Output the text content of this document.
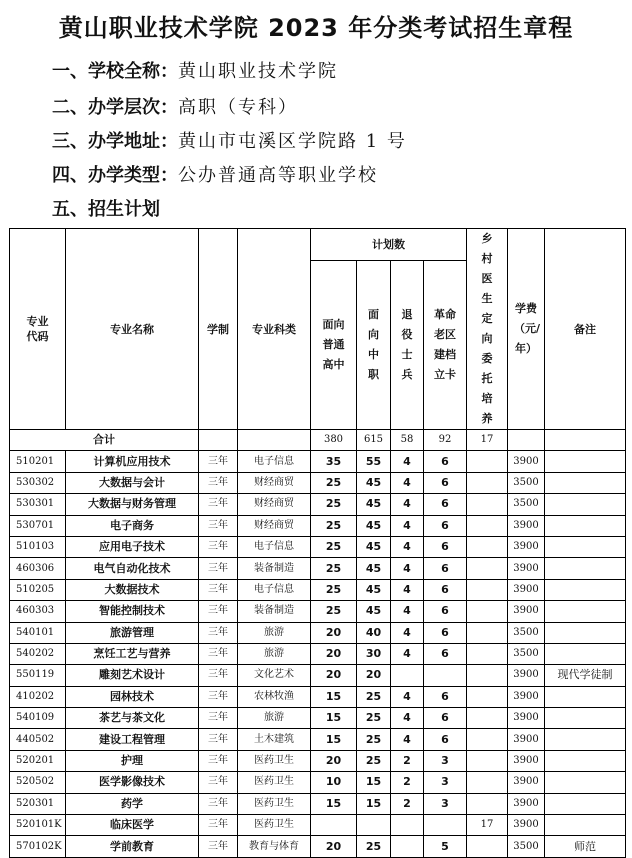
黄山职业技术学院 2023 年分类考试招生章程
一、学校全称：黄山职业技术学院
二、办学层次：高职（专科）
三、办学地址：黄山市屯溪区学院路 1 号
四、办学类型：公办普通高等职业学校
五、招生计划
专业代码	专业名称	学制	专业科类	计划数				乡村医生定向委托培养	学费（元/年）	备注
				面向普通高中	面向中职	退役士兵	革命老区建档立卡			
合计				380	615	58	92	17		
510201	计算机应用技术	三年	电子信息	35	55	4	6		3900	
530302	大数据与会计	三年	财经商贸	25	45	4	6		3500	
530301	大数据与财务管理	三年	财经商贸	25	45	4	6		3500	
530701	电子商务	三年	财经商贸	25	45	4	6		3900	
510103	应用电子技术	三年	电子信息	25	45	4	6		3900	
460306	电气自动化技术	三年	装备制造	25	45	4	6		3900	
510205	大数据技术	三年	电子信息	25	45	4	6		3900	
460303	智能控制技术	三年	装备制造	25	45	4	6		3900	
540101	旅游管理	三年	旅游	20	40	4	6		3500	
540202	烹饪工艺与营养	三年	旅游	20	30	4	6		3500	
550119	雕刻艺术设计	三年	文化艺术	20	20				3900	现代学徒制
410202	园林技术	三年	农林牧渔	15	25	4	6		3900	
540109	茶艺与茶文化	三年	旅游	15	25	4	6		3900	
440502	建设工程管理	三年	土木建筑	15	25	4	6		3900	
520201	护理	三年	医药卫生	20	25	2	3		3900	
520502	医学影像技术	三年	医药卫生	10	15	2	3		3900	
520301	药学	三年	医药卫生	15	15	2	3		3900	
520101K	临床医学	三年	医药卫生					17	3900	
570102K	学前教育	三年	教育与体育	20	25		5		3500	师范
